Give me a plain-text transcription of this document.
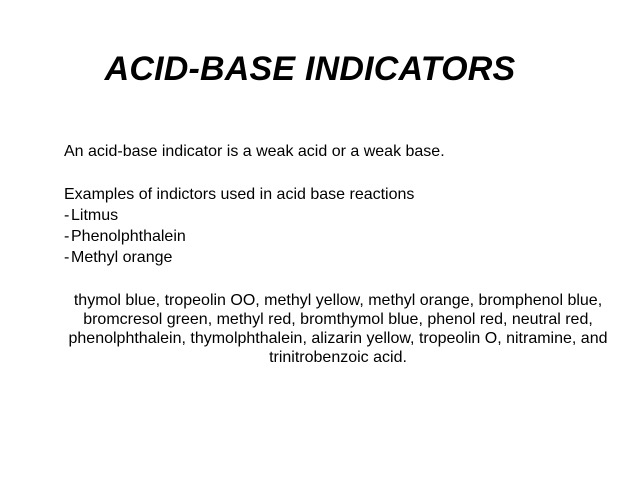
ACID-BASE INDICATORS

An acid-base indicator is a weak acid or a weak base.

Examples of indictors used in acid base reactions

- Litmus
- Phenolphthalein
- Methyl orange

thymol blue, tropeolin OO, methyl yellow, methyl orange, bromphenol blue, bromcresol green, methyl red, bromthymol blue, phenol red, neutral red, phenolphthalein, thymolphthalein, alizarin yellow, tropeolin O, nitramine, and trinitrobenzoic acid.
